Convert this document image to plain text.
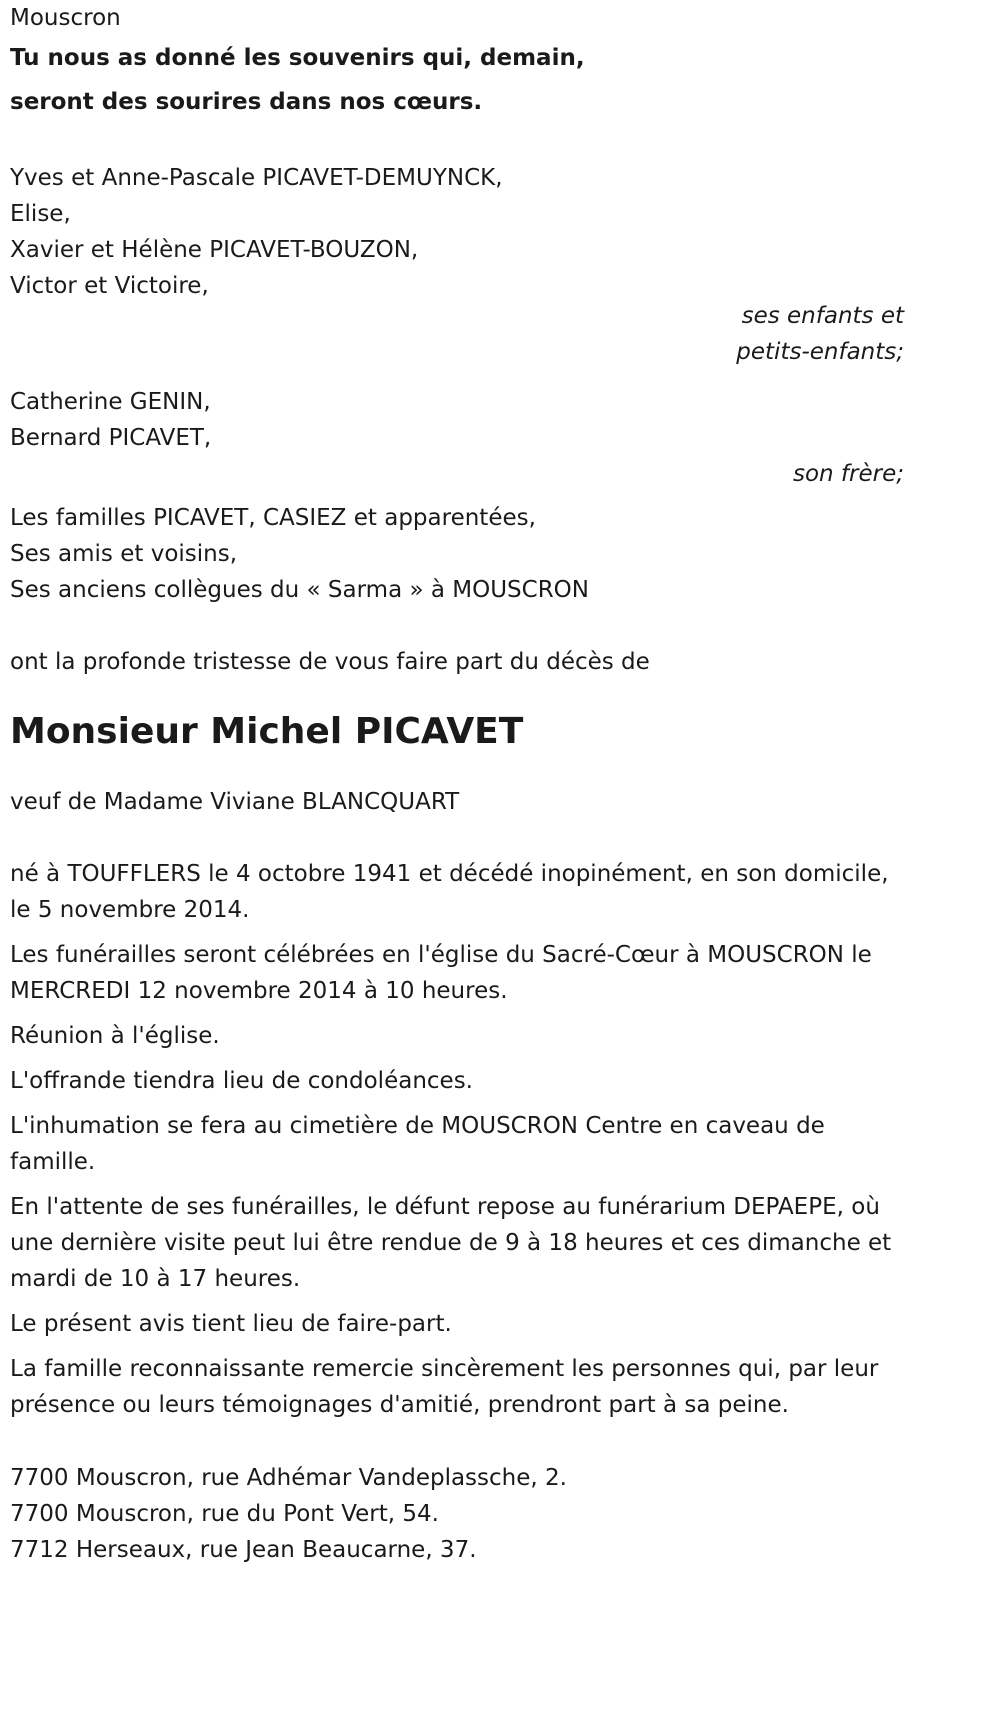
Mouscron

Tu nous as donné les souvenirs qui, demain,

seront des sourires dans nos cœurs.

Yves et Anne-Pascale PICAVET-DEMUYNCK,

Elise,

Xavier et Hélène PICAVET-BOUZON,

Victor et Victoire,

ses enfants et

petits-enfants;

Catherine GENIN,

Bernard PICAVET,

son frère;

Les familles PICAVET, CASIEZ et apparentées,

Ses amis et voisins,

Ses anciens collègues du « Sarma » à MOUSCRON

ont la profonde tristesse de vous faire part du décès de

Monsieur Michel PICAVET

veuf de Madame Viviane BLANCQUART

né à TOUFFLERS le 4 octobre 1941 et décédé inopinément, en son domicile, le 5 novembre 2014.

Les funérailles seront célébrées en l'église du Sacré-Cœur à MOUSCRON le MERCREDI 12 novembre 2014 à 10 heures.

Réunion à l'église.

L'offrande tiendra lieu de condoléances.

L'inhumation se fera au cimetière de MOUSCRON Centre en caveau de famille.

En l'attente de ses funérailles, le défunt repose au funérarium DEPAEPE, où une dernière visite peut lui être rendue de 9 à 18 heures et ces dimanche et mardi de 10 à 17 heures.

Le présent avis tient lieu de faire-part.

La famille reconnaissante remercie sincèrement les personnes qui, par leur présence ou leurs témoignages d'amitié, prendront part à sa peine.

7700 Mouscron, rue Adhémar Vandeplassche, 2.

7700 Mouscron, rue du Pont Vert, 54.

7712 Herseaux, rue Jean Beaucarne, 37.
